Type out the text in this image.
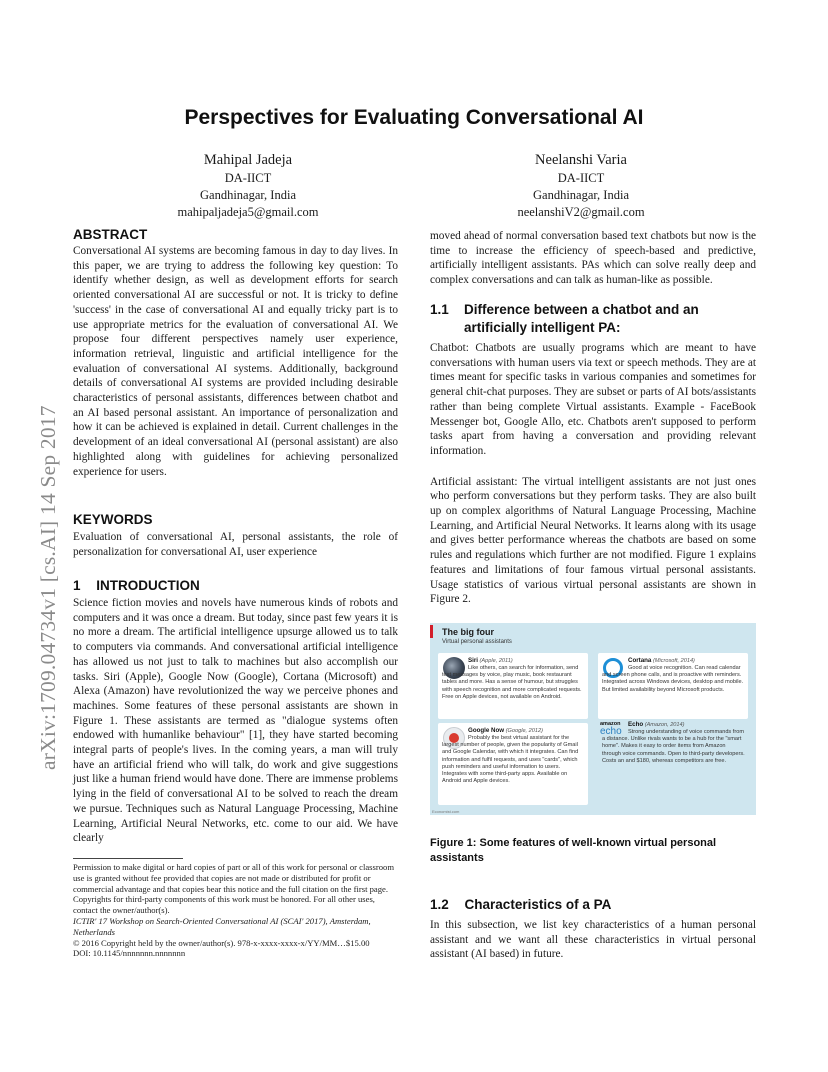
arXiv:1709.04734v1 [cs.AI] 14 Sep 2017
Perspectives for Evaluating Conversational AI
Mahipal Jadeja
DA-IICT
Gandhinagar, India
mahipaljadeja5@gmail.com
Neelanshi Varia
DA-IICT
Gandhinagar, India
neelanshiV2@gmail.com
ABSTRACT
Conversational AI systems are becoming famous in day to day lives. In this paper, we are trying to address the following key question: To identify whether design, as well as development efforts for search oriented conversational AI are successful or not. It is tricky to define 'success' in the case of conversational AI and equally tricky part is to use appropriate metrics for the evaluation of conversational AI. We propose four different perspectives namely user experience, information retrieval, linguistic and artificial intelligence for the evaluation of conversational AI systems. Additionally, background details of conversational AI systems are provided including desirable characteristics of personal assistants, differences between chatbot and an AI based personal assistant. An importance of personalization and how it can be achieved is explained in detail. Current challenges in the development of an ideal conversational AI (personal assistant) are also highlighted along with guidelines for achieving personalized experience for users.
KEYWORDS
Evaluation of conversational AI, personal assistants, the role of personalization for conversational AI, user experience
1 INTRODUCTION
Science fiction movies and novels have numerous kinds of robots and computers and it was once a dream. But today, since past few years it is no more a dream. The artificial intelligence upsurge allowed us to talk to computers via commands. And conversational artificial intelligence has allowed us not just to talk to machines but also accomplish our tasks. Siri (Apple), Google Now (Google), Cortana (Microsoft) and Alexa (Amazon) have revolutionized the way we perceive phones and machines. Some features of these personal assistants are shown in Figure 1. These assistants are termed as "dialogue systems often endowed with humanlike behaviour" [1], they have started becoming integral parts of people's lives. In the coming years, a man will truly have an artificial friend who will talk, do work and give suggestions just like a human friend would have done. There are immense problems lying in the field of conversational AI to be solved to reach the dream we pursue. Techniques such as Natural Language Processing, Machine Learning, Artificial Neural Networks, etc. come to our aid. We have clearly
Permission to make digital or hard copies of part or all of this work for personal or classroom use is granted without fee provided that copies are not made or distributed for profit or commercial advantage and that copies bear this notice and the full citation on the first page. Copyrights for third-party components of this work must be honored. For all other uses, contact the owner/author(s).
ICTIR' 17 Workshop on Search-Oriented Conversational AI (SCAI' 2017), Amsterdam, Netherlands
© 2016 Copyright held by the owner/author(s). 978-x-xxxx-xxxx-x/YY/MM…$15.00
DOI: 10.1145/nnnnnnn.nnnnnnn
moved ahead of normal conversation based text chatbots but now is the time to increase the efficiency of speech-based and predictive, artificially intelligent assistants. PAs which can solve really deep and complex conversations and can talk as human-like as possible.
1.1 Difference between a chatbot and an
artificially intelligent PA:
Chatbot: Chatbots are usually programs which are meant to have conversations with human users via text or speech methods. They are at times meant for specific tasks in various companies and sometimes for general chit-chat purposes. They are subset or parts of AI bots/assistants rather than being complete Virtual assistants. Example - FaceBook Messenger bot, Google Allo, etc. Chatbots aren't supposed to perform tasks apart from having a conversation and providing relevant information.
Artificial assistant: The virtual intelligent assistants are not just ones who perform conversations but they perform tasks. They are also built up on complex algorithms of Natural Language Processing, Machine Learning, and Artificial Neural Networks. It learns along with its usage and gives better performance whereas the chatbots are based on some rules and regulations which further are not modified. Figure 1 explains features and limitations of four famous virtual personal assistants. Usage statistics of various virtual personal assistants are shown in Figure 2.
The big four
Virtual personal assistants
Siri (Apple, 2011)
Like others, can search for information, send text messages by voice, play music, book restaurant tables and more. Has a sense of humour, but struggles with speech recognition and more complicated requests. Free on Apple devices, not available on Android.
Cortana (Microsoft, 2014)
Good at voice recognition. Can read calendar and screen phone calls, and is proactive with reminders. Integrated across Windows devices, desktop and mobile. But limited availability beyond Microsoft products.
Google Now (Google, 2012)
Probably the best virtual assistant for the largest number of people, given the popularity of Gmail and Google Calendar, with which it integrates. Can find information and fulfil requests, and uses "cards", which push reminders and useful information to users. Integrates with some third-party apps. Available on Android and Apple devices.
amazon
echo
Echo (Amazon, 2014)
Strong understanding of voice commands from a distance. Unlike rivals wants to be a hub for the "smart home". Makes it easy to order items from Amazon through voice commands. Open to third-party developers. Costs an and $180, whereas competitors are free.
Economist.com
Figure 1: Some features of well-known virtual personal assistants
1.2 Characteristics of a PA
In this subsection, we list key characteristics of a human personal assistant and we want all these characteristics in virtual personal assistant (AI based) in future.
